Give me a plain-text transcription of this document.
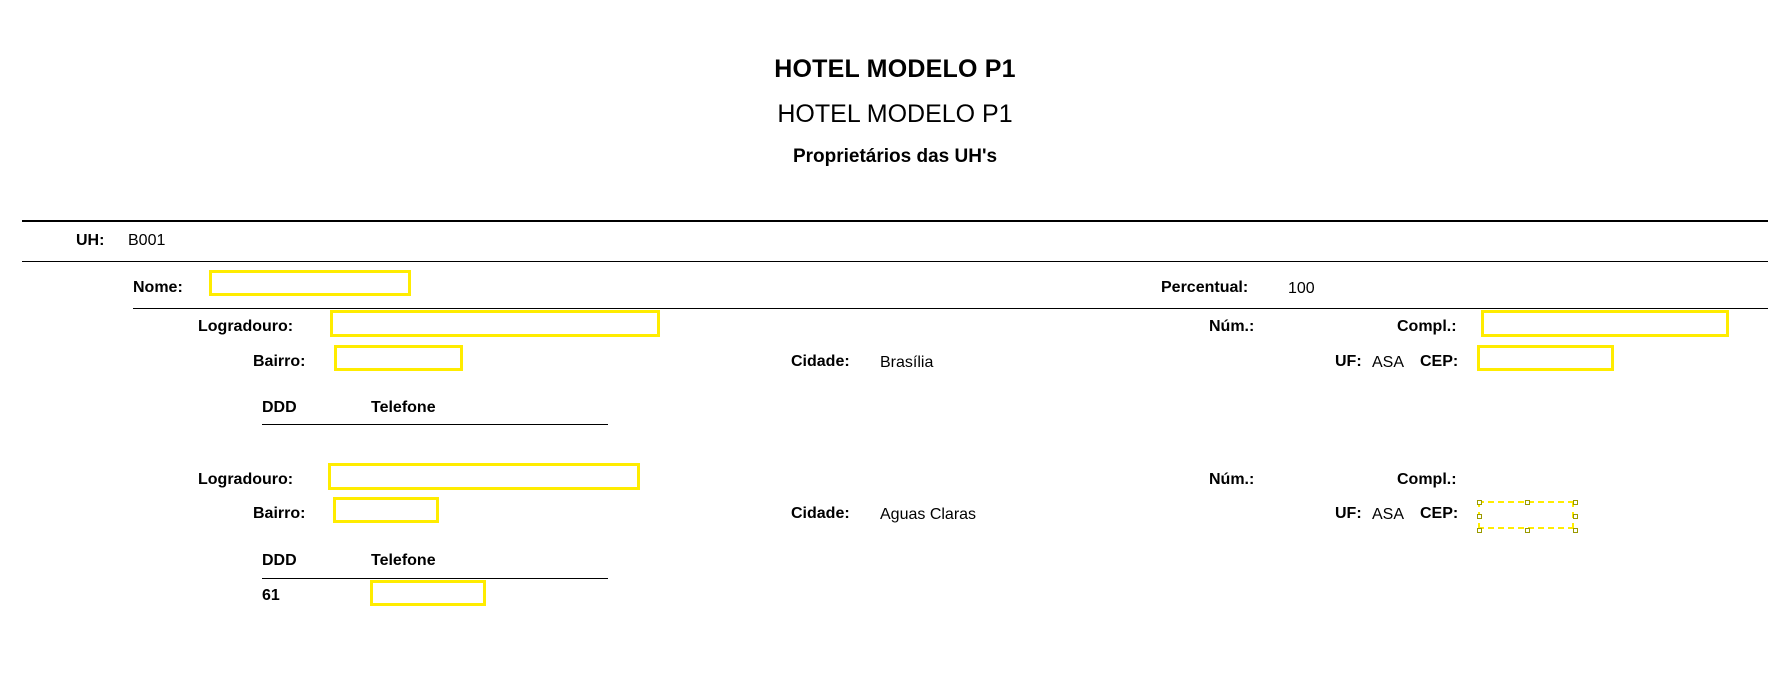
HOTEL MODELO P1
HOTEL MODELO P1
Proprietários das UH's
UH: B001
Nome:	Percentual: 100
Logradouro:	Núm.:	Compl.:
Bairro:	Cidade: Brasília	UF: ASA CEP:
DDD	Telefone
Logradouro:	Núm.:	Compl.:
Bairro:	Cidade: Aguas Claras	UF: ASA CEP:
DDD	Telefone
61
